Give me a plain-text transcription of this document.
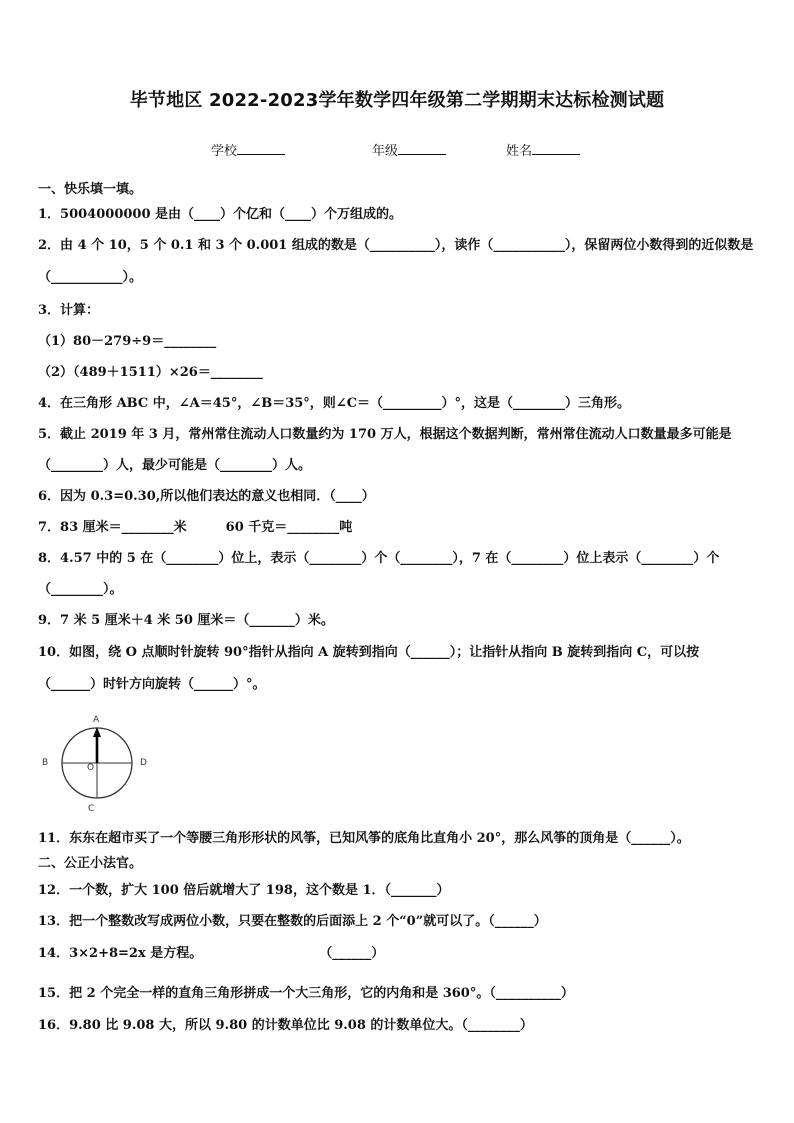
毕节地区 2022-2023学年数学四年级第二学期期末达标检测试题
学校	年级	姓名
一、快乐填一填。
1．5004000000 是由（____）个亿和（____）个万组成的。
2．由 4 个 10，5 个 0.1 和 3 个 0.001 组成的数是（__________），读作（___________），保留两位小数得到的近似数是
（___________）。
3．计算：
（1）80－279÷9＝________
（2）（489＋1511）×26＝________
4．在三角形 ABC 中，∠A＝45°，∠B＝35°，则∠C＝（_________）°，这是（________）三角形。
5．截止 2019 年 3 月，常州常住流动人口数量约为 170 万人，根据这个数据判断，常州常住流动人口数量最多可能是
（________）人，最少可能是（________）人。
6．因为 0.3=0.30,所以他们表达的意义也相同．（____）
7．83 厘米＝________米　　　60 千克＝________吨
8．4.57 中的 5 在（________）位上，表示（________）个（________），7 在（________）位上表示（________）个
（________）。
9．7 米 5 厘米＋4 米 50 厘米＝（_______）米。
10．如图，绕 O 点顺时针旋转 90°指针从指向 A 旋转到指向（______）；让指针从指向 B 旋转到指向 C，可以按
（______）时针方向旋转（______）°。
A
B
C
D
O
11．东东在超市买了一个等腰三角形形状的风筝，已知风筝的底角比直角小 20°，那么风筝的顶角是（______）。
二、公正小法官。
12．一个数，扩大 100 倍后就增大了 198，这个数是 1．（_______）
13．把一个整数改写成两位小数，只要在整数的后面添上 2 个“0”就可以了。（______）
14．3×2+8=2x 是方程。　　　　　　　　　　（______）
15．把 2 个完全一样的直角三角形拼成一个大三角形，它的内角和是 360°。（__________）
16．9.80 比 9.08 大，所以 9.80 的计数单位比 9.08 的计数单位大。（________）
